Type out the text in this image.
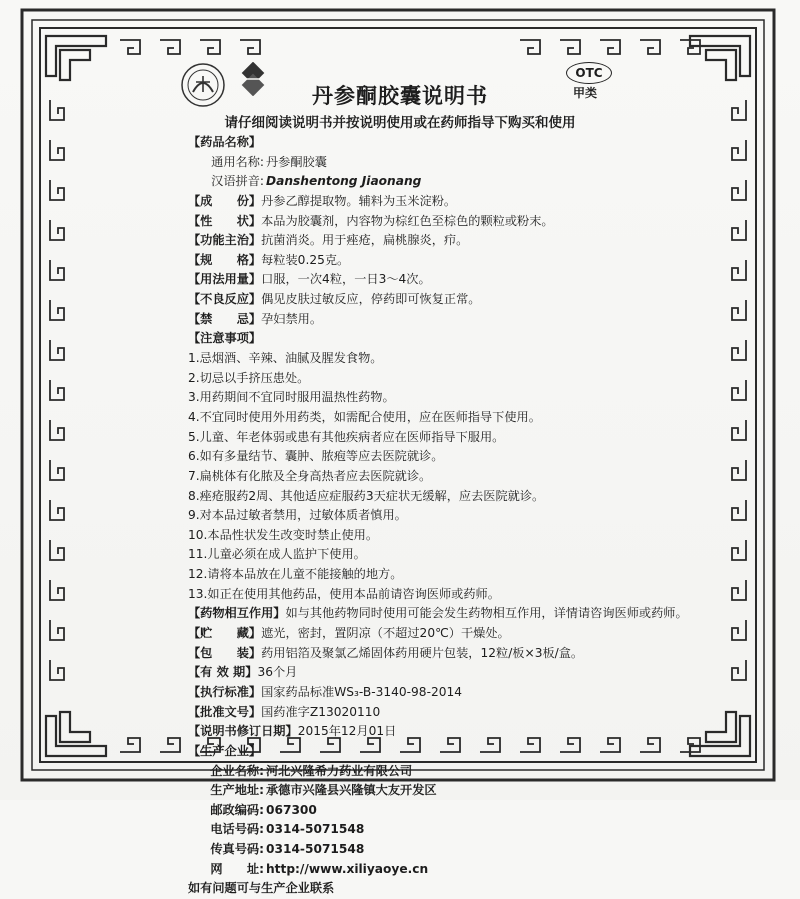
丹参酮胶囊说明书
请仔细阅读说明书并按说明使用或在药师指导下购买和使用
OTC
甲类
【药品名称】
通用名称: 丹参酮胶囊
汉语拼音: Danshentong Jiaonang
【成　　份】丹参乙醇提取物。辅料为玉米淀粉。
【性　　状】本品为胶囊剂，内容物为棕红色至棕色的颗粒或粉末。
【功能主治】抗菌消炎。用于痤疮，扁桃腺炎，疖。
【规　　格】每粒装0.25克。
【用法用量】口服，一次4粒，一日3～4次。
【不良反应】偶见皮肤过敏反应，停药即可恢复正常。
【禁　　忌】孕妇禁用。
【注意事项】
1.忌烟酒、辛辣、油腻及腥发食物。
2.切忌以手挤压患处。
3.用药期间不宜同时服用温热性药物。
4.不宜同时使用外用药类，如需配合使用，应在医师指导下使用。
5.儿童、年老体弱或患有其他疾病者应在医师指导下服用。
6.如有多量结节、囊肿、脓疱等应去医院就诊。
7.扁桃体有化脓及全身高热者应去医院就诊。
8.痤疮服药2周、其他适应症服药3天症状无缓解，应去医院就诊。
9.对本品过敏者禁用，过敏体质者慎用。
10.本品性状发生改变时禁止使用。
11.儿童必须在成人监护下使用。
12.请将本品放在儿童不能接触的地方。
13.如正在使用其他药品，使用本品前请咨询医师或药师。
【药物相互作用】如与其他药物同时使用可能会发生药物相互作用，详情请咨询医师或药师。
【贮　　藏】遮光，密封，置阴凉（不超过20℃）干燥处。
【包　　装】药用铝箔及聚氯乙烯固体药用硬片包装，12粒/板×3板/盒。
【有 效 期】36个月
【执行标准】国家药品标准WS₃-B-3140-98-2014
【批准文号】国药准字Z13020110
【说明书修订日期】2015年12月01日
【生产企业】
企业名称: 河北兴隆希力药业有限公司
生产地址: 承德市兴隆县兴隆镇大友开发区
邮政编码: 067300
电话号码: 0314-5071548
传真号码: 0314-5071548
网　　址: http://www.xiliyaoye.cn
如有问题可与生产企业联系
